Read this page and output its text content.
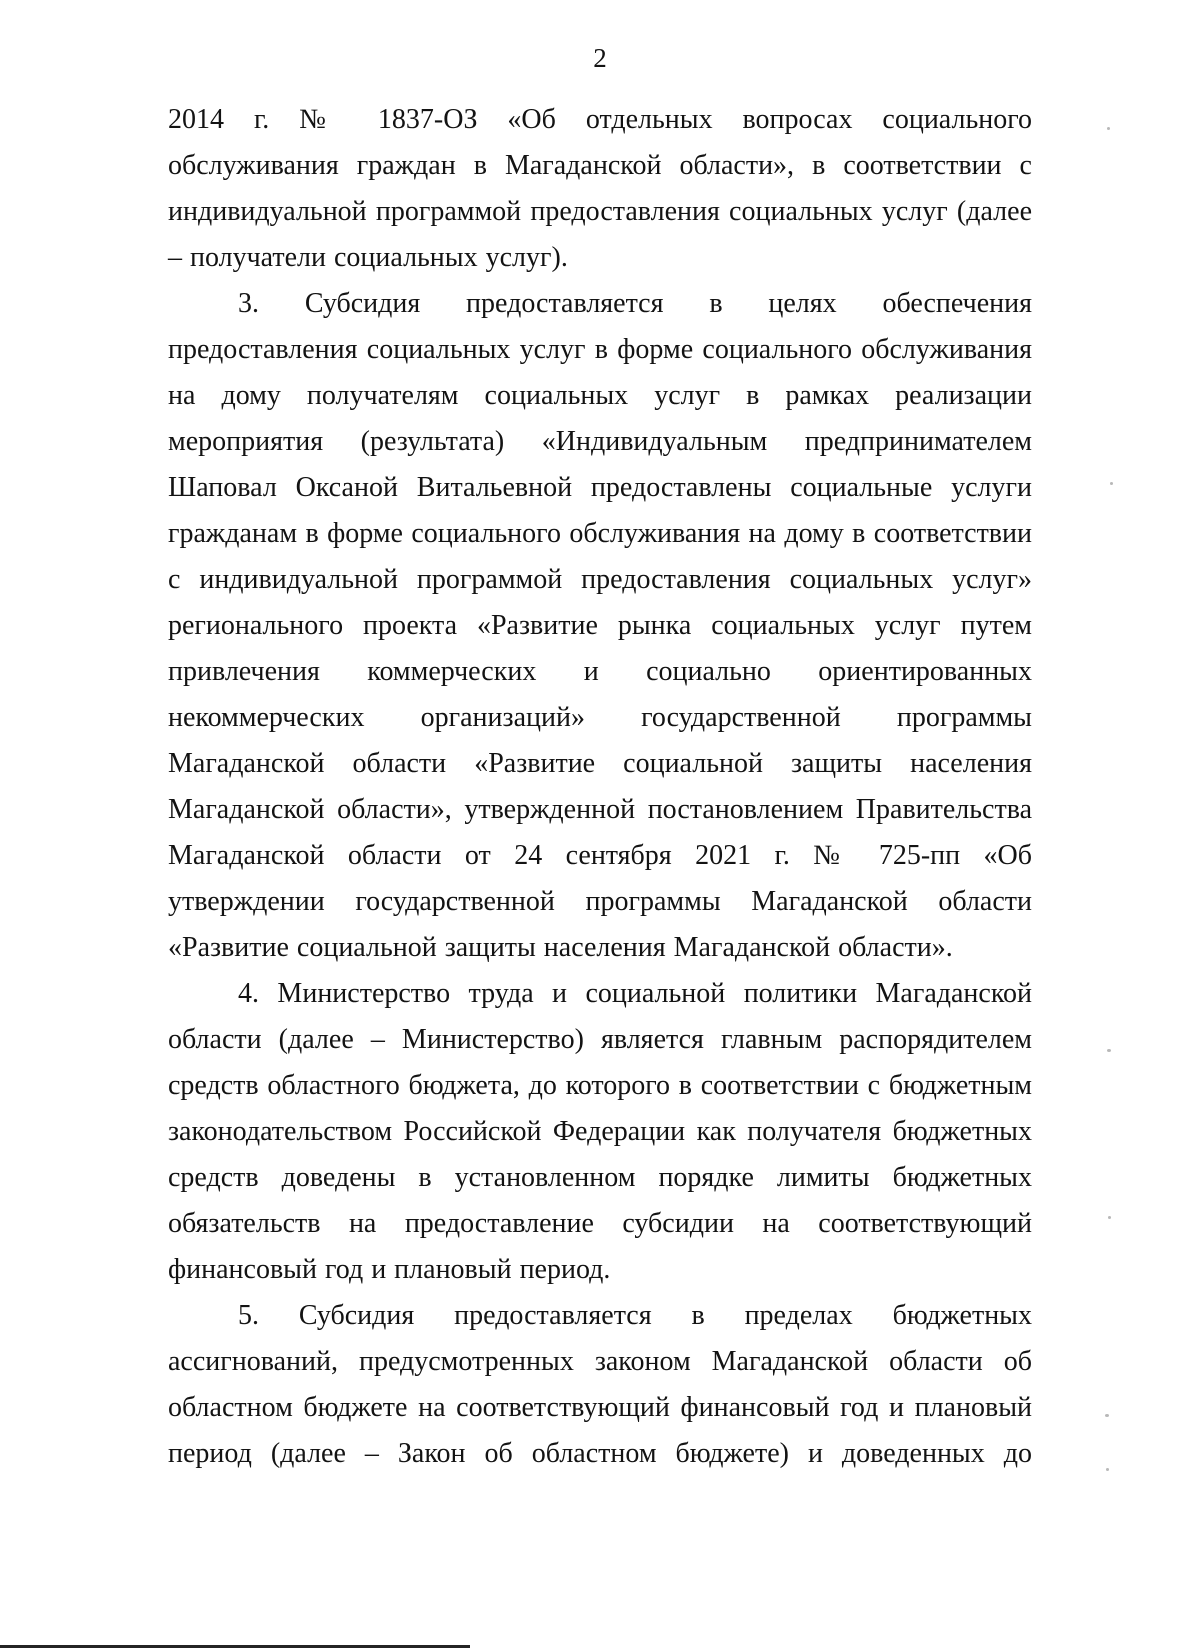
2

2014 г. № 1837-ОЗ «Об отдельных вопросах социального обслуживания граждан в Магаданской области», в соответствии с индивидуальной программой предоставления социальных услуг (далее – получатели социальных услуг).

3. Субсидия предоставляется в целях обеспечения предоставления социальных услуг в форме социального обслуживания на дому получателям социальных услуг в рамках реализации мероприятия (результата) «Индивидуальным предпринимателем Шаповал Оксаной Витальевной предоставлены социальные услуги гражданам в форме социального обслуживания на дому в соответствии с индивидуальной программой предоставления социальных услуг» регионального проекта «Развитие рынка социальных услуг путем привлечения коммерческих и социально ориентированных некоммерческих организаций» государственной программы Магаданской области «Развитие социальной защиты населения Магаданской области», утвержденной постановлением Правительства Магаданской области от 24 сентября 2021 г. № 725-пп «Об утверждении государственной программы Магаданской области «Развитие социальной защиты населения Магаданской области».

4. Министерство труда и социальной политики Магаданской области (далее – Министерство) является главным распорядителем средств областного бюджета, до которого в соответствии с бюджетным законодательством Российской Федерации как получателя бюджетных средств доведены в установленном порядке лимиты бюджетных обязательств на предоставление субсидии на соответствующий финансовый год и плановый период.

5. Субсидия предоставляется в пределах бюджетных ассигнований, предусмотренных законом Магаданской области об областном бюджете на соответствующий финансовый год и плановый период (далее – Закон об областном бюджете) и доведенных до
